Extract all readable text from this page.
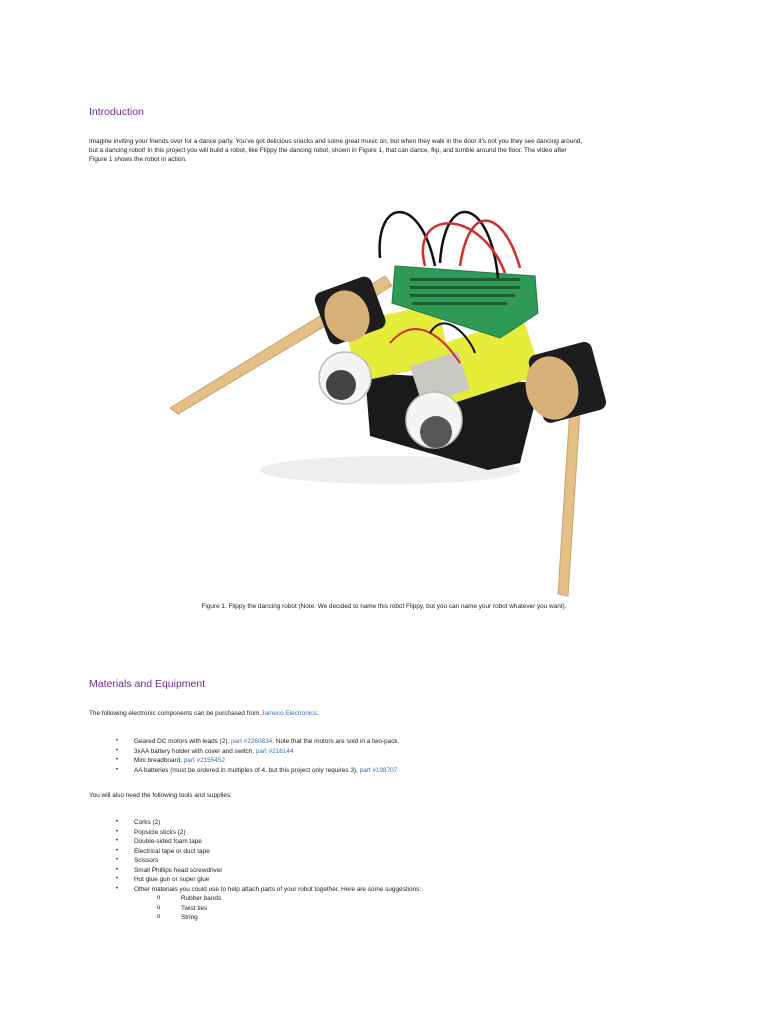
Introduction

Imagine inviting your friends over for a dance party. You've got delicious snacks and some great music on, but when they walk in the door it's not you they see dancing around,
but a dancing robot! In this project you will build a robot, like Flippy the dancing robot, shown in Figure 1, that can dance, flip, and tumble around the floor. The video after
Figure 1 shows the robot in action.

Figure 1. Flippy the dancing robot (Note: We decided to name this robot Flippy, but you can name your robot whatever you want).

Materials and Equipment

The following electronic components can be purchased from Jameco Electronics:

• Geared DC motors with leads (2), part #2260834. Note that the motors are sold in a two-pack.
• 3xAA battery holder with cover and switch, part #216144
• Mini breadboard, part #2155452
• AA batteries (must be ordered in multiples of 4, but this project only requires 3), part #198707

You will also need the following tools and supplies:

• Corks (2)
• Popsicle sticks (2)
• Double-sided foam tape
• Electrical tape or duct tape
• Scissors
• Small Phillips head screwdriver
• Hot glue gun or super glue
• Other materials you could use to help attach parts of your robot together. Here are some suggestions:
o	Rubber bands
o	Twist ties
o	String
